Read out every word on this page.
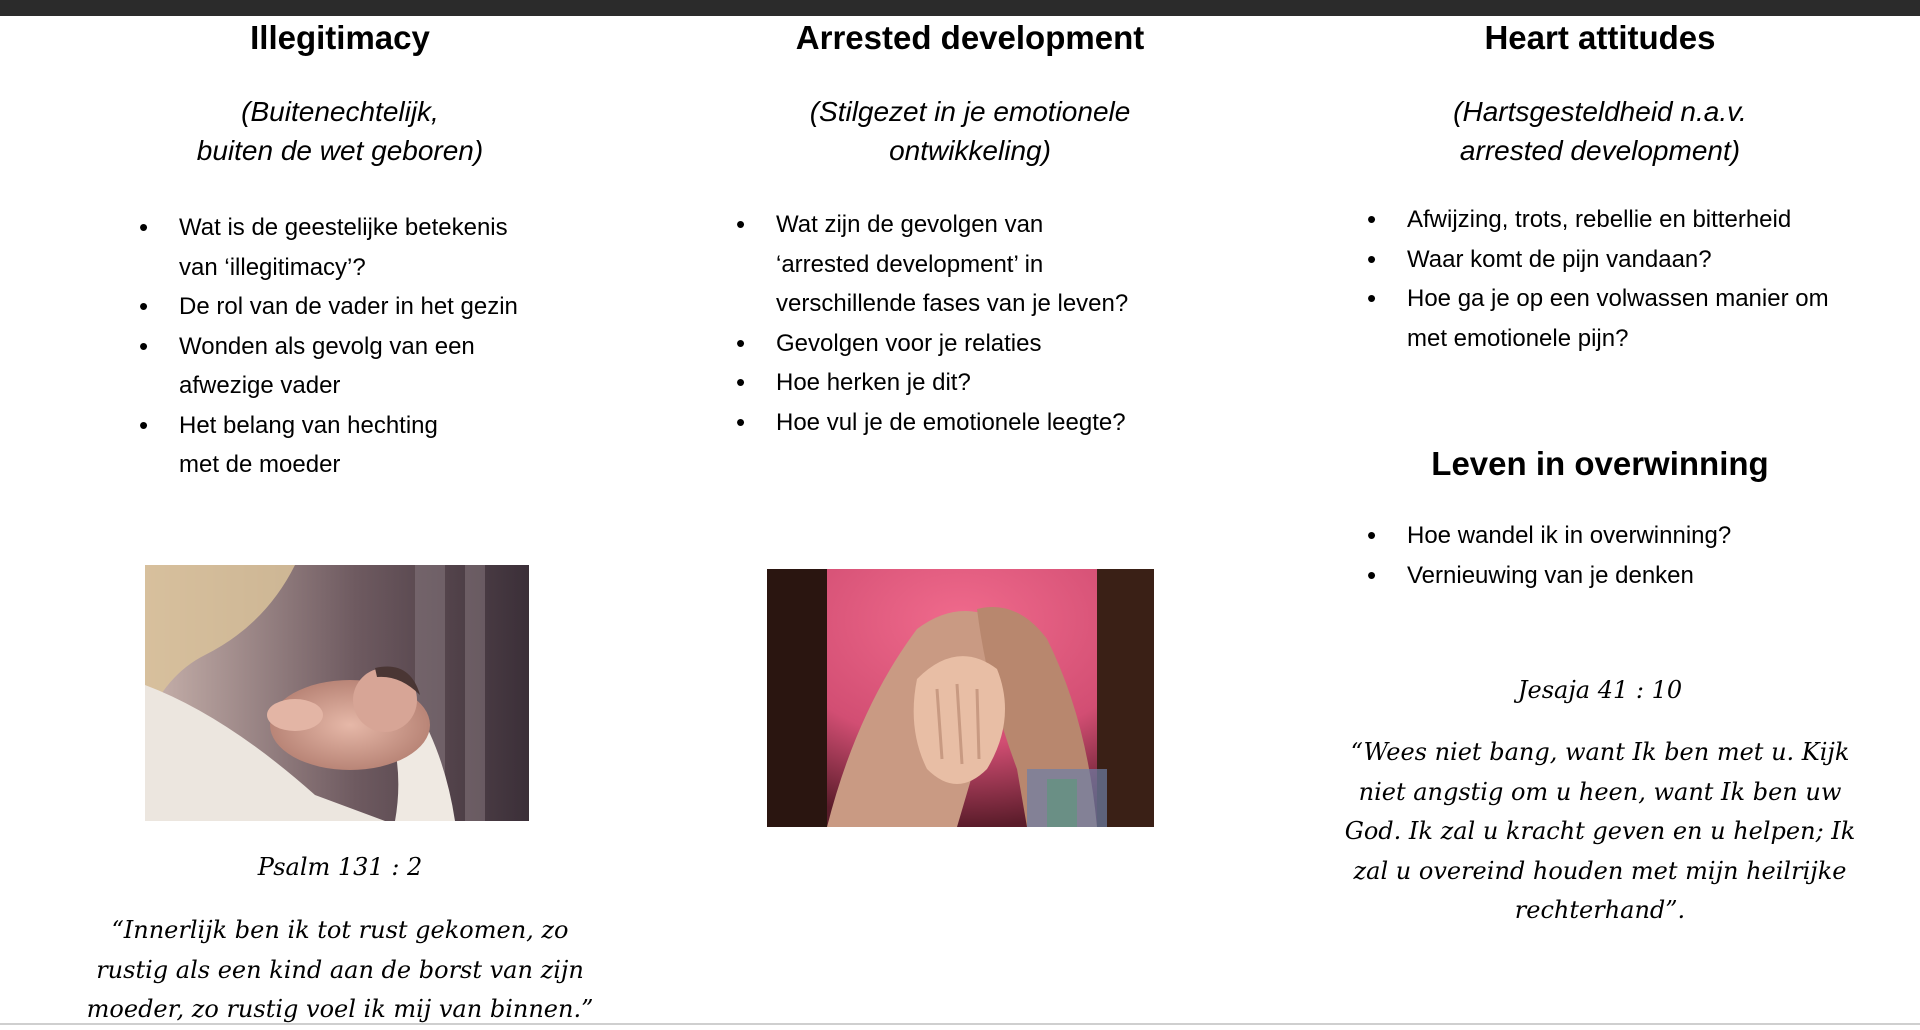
Illegitimacy
(Buitenechtelijk,
buiten de wet geboren)
• Wat is de geestelijke betekenis
van ‘illegitimacy’?
• De rol van de vader in het gezin
• Wonden als gevolg van een
afwezige vader
• Het belang van hechting
met de moeder
Psalm 131 : 2
“Innerlijk ben ik tot rust gekomen, zo
rustig als een kind aan de borst van zijn
moeder, zo rustig voel ik mij van binnen.”
Arrested development
(Stilgezet in je emotionele
ontwikkeling)
• Wat zijn de gevolgen van
‘arrested development’ in
verschillende fases van je leven?
• Gevolgen voor je relaties
• Hoe herken je dit?
• Hoe vul je de emotionele leegte?
Heart attitudes
(Hartsgesteldheid n.a.v.
arrested development)
• Afwijzing, trots, rebellie en bitterheid
• Waar komt de pijn vandaan?
• Hoe ga je op een volwassen manier om
met emotionele pijn?
Leven in overwinning
• Hoe wandel ik in overwinning?
• Vernieuwing van je denken
Jesaja 41 : 10
“Wees niet bang, want Ik ben met u. Kijk
niet angstig om u heen, want Ik ben uw
God. Ik zal u kracht geven en u helpen; Ik
zal u overeind houden met mijn heilrijke
rechterhand”.
